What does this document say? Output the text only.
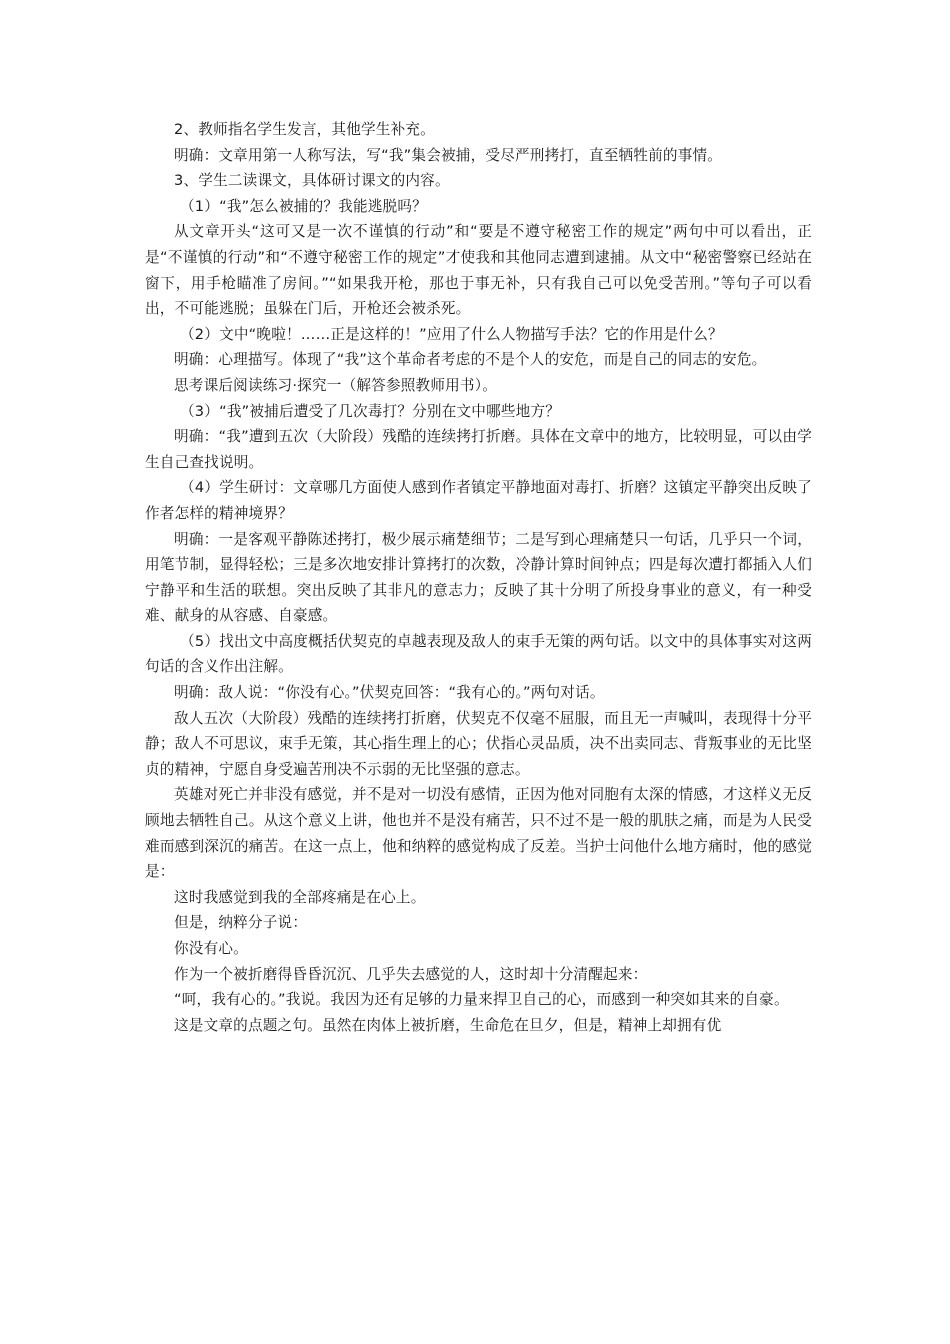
2、教师指名学生发言，其他学生补充。

明确：文章用第一人称写法，写“我”集会被捕，受尽严刑拷打，直至牺牲前的事情。

3、学生二读课文，具体研讨课文的内容。

（1）“我”怎么被捕的？我能逃脱吗？

从文章开头“这可又是一次不谨慎的行动”和“要是不遵守秘密工作的规定”两句中可以看出，正是“不谨慎的行动”和“不遵守秘密工作的规定”才使我和其他同志遭到逮捕。从文中“秘密警察已经站在窗下，用手枪瞄准了房间。”“如果我开枪，那也于事无补，只有我自己可以免受苦刑。”等句子可以看出，不可能逃脱；虽躲在门后，开枪还会被杀死。

（2）文中“晚啦！……正是这样的！”应用了什么人物描写手法？它的作用是什么？

明确：心理描写。体现了“我”这个革命者考虑的不是个人的安危，而是自己的同志的安危。

思考课后阅读练习·探究一（解答参照教师用书）。

（3）“我”被捕后遭受了几次毒打？分别在文中哪些地方？

明确：“我”遭到五次（大阶段）残酷的连续拷打折磨。具体在文章中的地方，比较明显，可以由学生自己查找说明。

（4）学生研讨：文章哪几方面使人感到作者镇定平静地面对毒打、折磨？这镇定平静突出反映了作者怎样的精神境界？

明确：一是客观平静陈述拷打，极少展示痛楚细节；二是写到心理痛楚只一句话，几乎只一个词，用笔节制，显得轻松；三是多次地安排计算拷打的次数，冷静计算时间钟点；四是每次遭打都插入人们宁静平和生活的联想。突出反映了其非凡的意志力；反映了其十分明了所投身事业的意义，有一种受难、献身的从容感、自豪感。

（5）找出文中高度概括伏契克的卓越表现及敌人的束手无策的两句话。以文中的具体事实对这两句话的含义作出注解。

明确：敌人说：“你没有心。”伏契克回答：“我有心的。”两句对话。

敌人五次（大阶段）残酷的连续拷打折磨，伏契克不仅毫不屈服，而且无一声喊叫，表现得十分平静；敌人不可思议，束手无策，其心指生理上的心；伏指心灵品质，决不出卖同志、背叛事业的无比坚贞的精神，宁愿自身受遍苦刑决不示弱的无比坚强的意志。

英雄对死亡并非没有感觉，并不是对一切没有感情，正因为他对同胞有太深的情感，才这样义无反顾地去牺牲自己。从这个意义上讲，他也并不是没有痛苦，只不过不是一般的肌肤之痛，而是为人民受难而感到深沉的痛苦。在这一点上，他和纳粹的感觉构成了反差。当护士问他什么地方痛时，他的感觉是：

这时我感觉到我的全部疼痛是在心上。

但是，纳粹分子说：

你没有心。

作为一个被折磨得昏昏沉沉、几乎失去感觉的人，这时却十分清醒起来：

“呵，我有心的。”我说。我因为还有足够的力量来捍卫自己的心，而感到一种突如其来的自豪。

这是文章的点题之句。虽然在肉体上被折磨，生命危在旦夕，但是，精神上却拥有优
